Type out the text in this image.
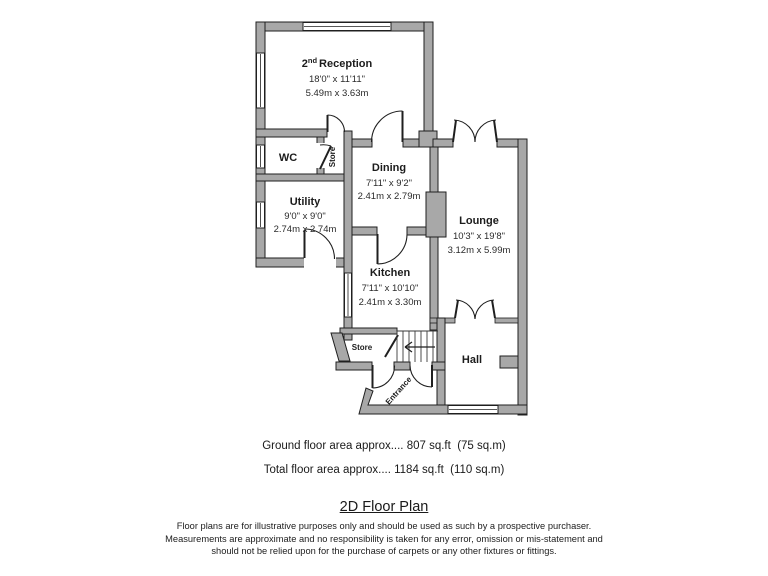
2nd Reception
18'0" x 11'11"
5.49m x 3.63m
WC	Store
Utility
9'0" x 9'0"
2.74m x 2.74m
Dining
7'11" x 9'2"
2.41m x 2.79m
Lounge
10'3" x 19'8"
3.12m x 5.99m
Kitchen
7'11" x 10'10"
2.41m x 3.30m
Store
Hall
Entrance
Ground floor area approx.... 807 sq.ft  (75 sq.m)
Total floor area approx.... 1184 sq.ft  (110 sq.m)
2D Floor Plan
Floor plans are for illustrative purposes only and should be used as such by a prospective purchaser.
Measurements are approximate and no responsibility is taken for any error, omission or mis-statement and
should not be relied upon for the purchase of carpets or any other fixtures or fittings.
